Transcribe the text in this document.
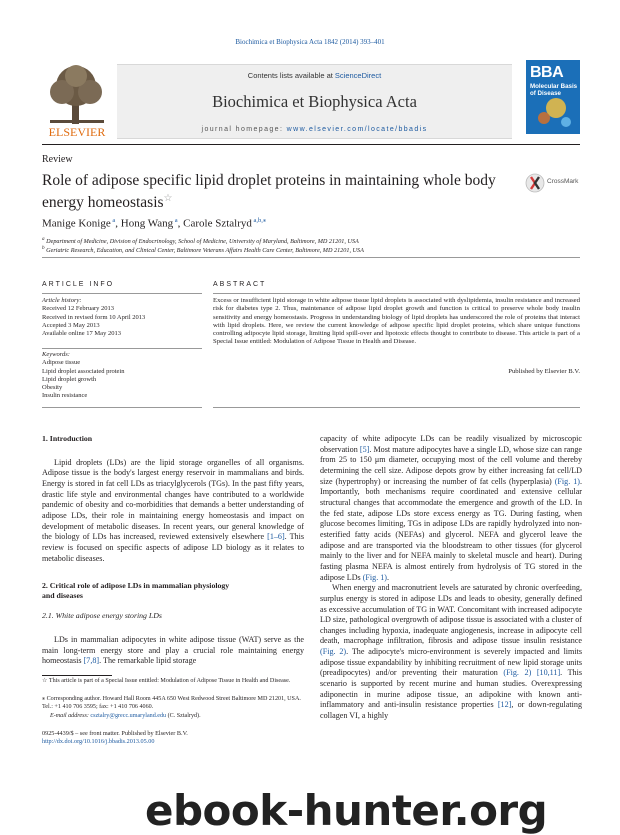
Biochimica et Biophysica Acta 1842 (2014) 393–401
ELSEVIER
Contents lists available at ScienceDirect
Biochimica et Biophysica Acta
journal homepage: www.elsevier.com/locate/bbadis
BBA
Molecular Basis of Disease
Review
Role of adipose specific lipid droplet proteins in maintaining whole body energy homeostasis☆
CrossMark
Manige Konige $^a$, Hong Wang $^a$, Carole Sztalryd $^{a,b,⁎}$
$^a$ Department of Medicine, Division of Endocrinology, School of Medicine, University of Maryland, Baltimore, MD 21201, USA
$^b$ Geriatric Research, Education, and Clinical Center, Baltimore Veterans Affairs Health Care Center, Baltimore, MD 21201, USA
ARTICLE INFO	ABSTRACT
Article history:
Received 12 February 2013
Received in revised form 10 April 2013
Accepted 3 May 2013
Available online 17 May 2013
Keywords:
Adipose tissue
Lipid droplet associated protein
Lipid droplet growth
Obesity
Insulin resistance
Excess or insufficient lipid storage in white adipose tissue lipid droplets is associated with dyslipidemia, insulin resistance and increased risk for diabetes type 2. Thus, maintenance of adipose lipid droplet growth and function is critical to preserve whole body insulin sensitivity and energy homeostasis. Progress in understanding biology of lipid droplets has underscored the role of proteins that interact with lipid droplets. Here, we review the current knowledge of adipose specific lipid droplet proteins, which share unique functions controlling adipocyte lipid storage, limiting lipid spill-over and lipotoxic effects thought to contribute to disease. This article is part of a Special Issue entitled: Modulation of Adipose Tissue in Health and Disease.
Published by Elsevier B.V.
1. Introduction

Lipid droplets (LDs) are the lipid storage organelles of all organisms. Adipose tissue is the body's largest energy reservoir in mammalians and birds. Energy is stored in fat cell LDs as triacylglycerols (TGs). In the past fifty years, drastic life style and environmental changes have contributed to a worldwide pandemic of obesity and co-morbidities that demands a better understanding of adipose LDs, their role in maintaining energy homeostasis and impact on development of metabolic diseases. In recent years, our general knowledge of the biology of LDs has increased, reviewed extensively elsewhere [1–6]. This review is focused on specific aspects of adipose LD biology as it relates to metabolic diseases.

2. Critical role of adipose LDs in mammalian physiology
and diseases
2.1. White adipose energy storing LDs

LDs in mammalian adipocytes in white adipose tissue (WAT) serve as the main long-term energy store and play a crucial role maintaining energy homeostasis [7,8]. The remarkable lipid storage

☆ This article is part of a Special Issue entitled: Modulation of Adipose Tissue in Health and Disease.
⁎ Corresponding author. Howard Hall Room 445A 650 West Redwood Street Baltimore MD 21201, USA. Tel.: +1 410 706 3595; fax: +1 410 706 4060.
E-mail address: csztalry@grecc.umaryland.edu (C. Sztalryd).
0925-4439/$ – see front matter. Published by Elsevier B.V.
http://dx.doi.org/10.1016/j.bbadis.2013.05.00

capacity of white adipocyte LDs can be readily visualized by microscopic observation [5]. Most mature adipocytes have a single LD, whose size can range from 25 to 150 μm diameter, occupying most of the cell volume and thereby determining the cell size. Adipose depots grow by either increasing fat cell/LD size (hypertrophy) or increasing the number of fat cells (hyperplasia) (Fig. 1). Importantly, both mechanisms require coordinated and extensive cellular structural changes that accommodate the emergence and growth of the LD. In the fed state, adipose LDs store excess energy as TG. During fasting, when glucose becomes limiting, TGs in adipose LDs are rapidly hydrolyzed into non-esterified fatty acids (NEFAs) and glycerol. NEFA and glycerol leave the adipose and are transported via the bloodstream to other tissues (for glycerol mainly to the liver and for NEFA mainly to skeletal muscle and heart). During fasting plasma NEFA is almost entirely from hydrolysis of TG stored in the adipose LDs (Fig. 1).

When energy and macronutrient levels are saturated by chronic overfeeding, surplus energy is stored in adipose LDs and leads to obesity, generally defined as excessive accumulation of TG in WAT. Concomitant with increased adipocyte LD size, pathological overgrowth of adipose tissue is associated with a cluster of changes including hypoxia, inadequate angiogenesis, increase in adipocyte cell death, macrophage infiltration, fibrosis and adipose tissue insulin resistance (Fig. 2). The adipocyte's micro-environment is severely impacted and limits adipose tissue expandability by inhibiting recruitment of new lipid storage units (preadipocytes) and/or preventing their maturation (Fig. 2) [10,11]. This scenario is supported by recent murine and human studies. Overexpressing adiponectin in murine adipose tissue, an adipokine with known anti-inflammatory and anti-insulin resistance properties [12], or down-regulating collagen VI, a highly

ebook-hunter.org
